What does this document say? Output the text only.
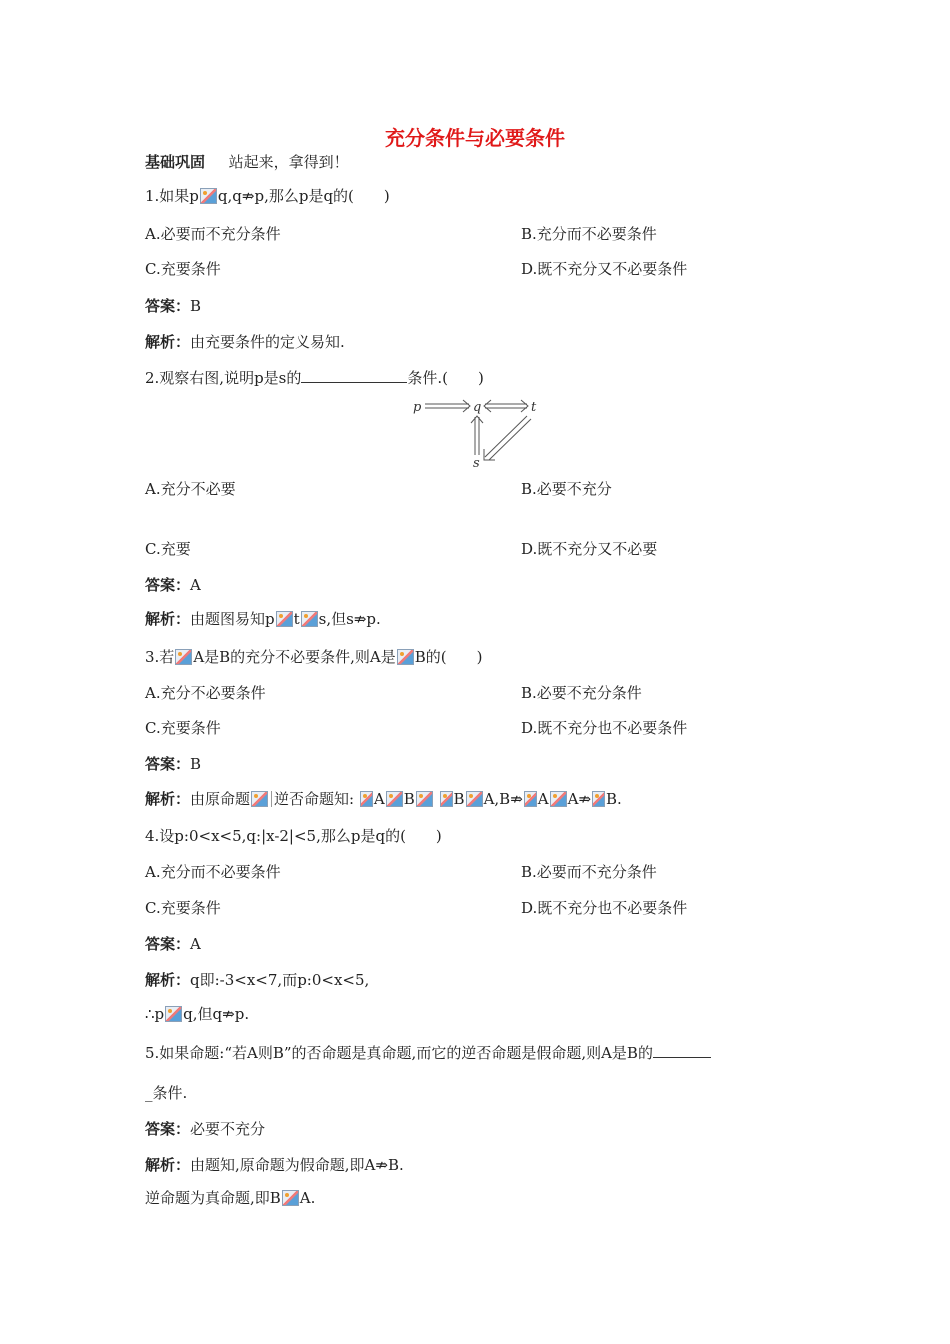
充分条件与必要条件
基础巩固 站起来，拿得到！
1.如果p q,q⇏p,那么p是q的(　　)
A.必要而不充分条件	B.充分而不必要条件
C.充要条件	D.既不充分又不必要条件
答案：B
解析：由充要条件的定义易知.
2.观察右图,说明p是s的	条件.(　　)
p	q	t
s
A.充分不必要	B.必要不充分
C.充要	D.既不充分又不必要
答案：A
解析：由题图易知p t s,但s⇏p.
3.若 A是B的充分不必要条件,则A是 B的(　　)
A.充分不必要条件	B.必要不充分条件
C.充要条件	D.既不充分也不必要条件
答案：B
解析：由原命题 逆否命题知: A B	B A,B⇏ A A⇏ B.
4.设p:0<x<5,q:|x-2|<5,那么p是q的(　　)
A.充分而不必要条件	B.必要而不充分条件
C.充要条件	D.既不充分也不必要条件
答案：A
解析：q即:-3<x<7,而p:0<x<5,
∴p q,但q⇏p.
5.如果命题:“若A则B”的否命题是真命题,而它的逆否命题是假命题,则A是B的
_条件.
答案：必要不充分
解析：由题知,原命题为假命题,即A⇏B.
逆命题为真命题,即B A.
